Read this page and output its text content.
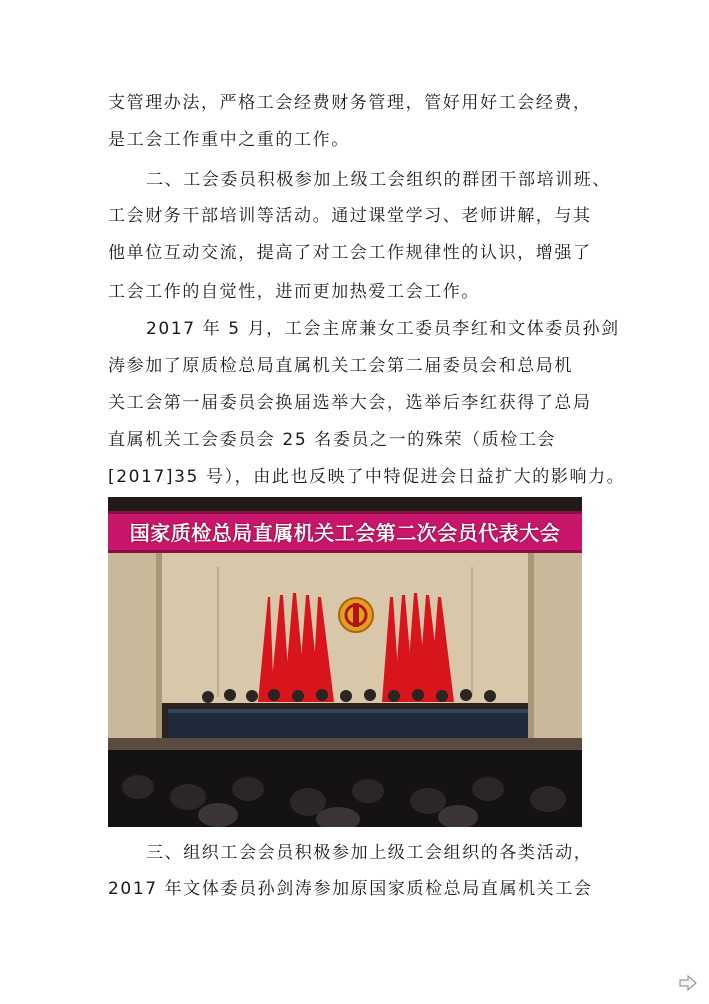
支管理办法，严格工会经费财务管理，管好用好工会经费，
是工会工作重中之重的工作。
二、工会委员积极参加上级工会组织的群团干部培训班、
工会财务干部培训等活动。通过课堂学习、老师讲解，与其
他单位互动交流，提高了对工会工作规律性的认识，增强了
工会工作的自觉性，进而更加热爱工会工作。
2017 年 5 月，工会主席兼女工委员李红和文体委员孙剑
涛参加了原质检总局直属机关工会第二届委员会和总局机
关工会第一届委员会换届选举大会，选举后李红获得了总局
直属机关工会委员会 25 名委员之一的殊荣（质检工会
[2017]35 号），由此也反映了中特促进会日益扩大的影响力。
国家质检总局直属机关工会第二次会员代表大会
三、组织工会会员积极参加上级工会组织的各类活动，
2017 年文体委员孙剑涛参加原国家质检总局直属机关工会
